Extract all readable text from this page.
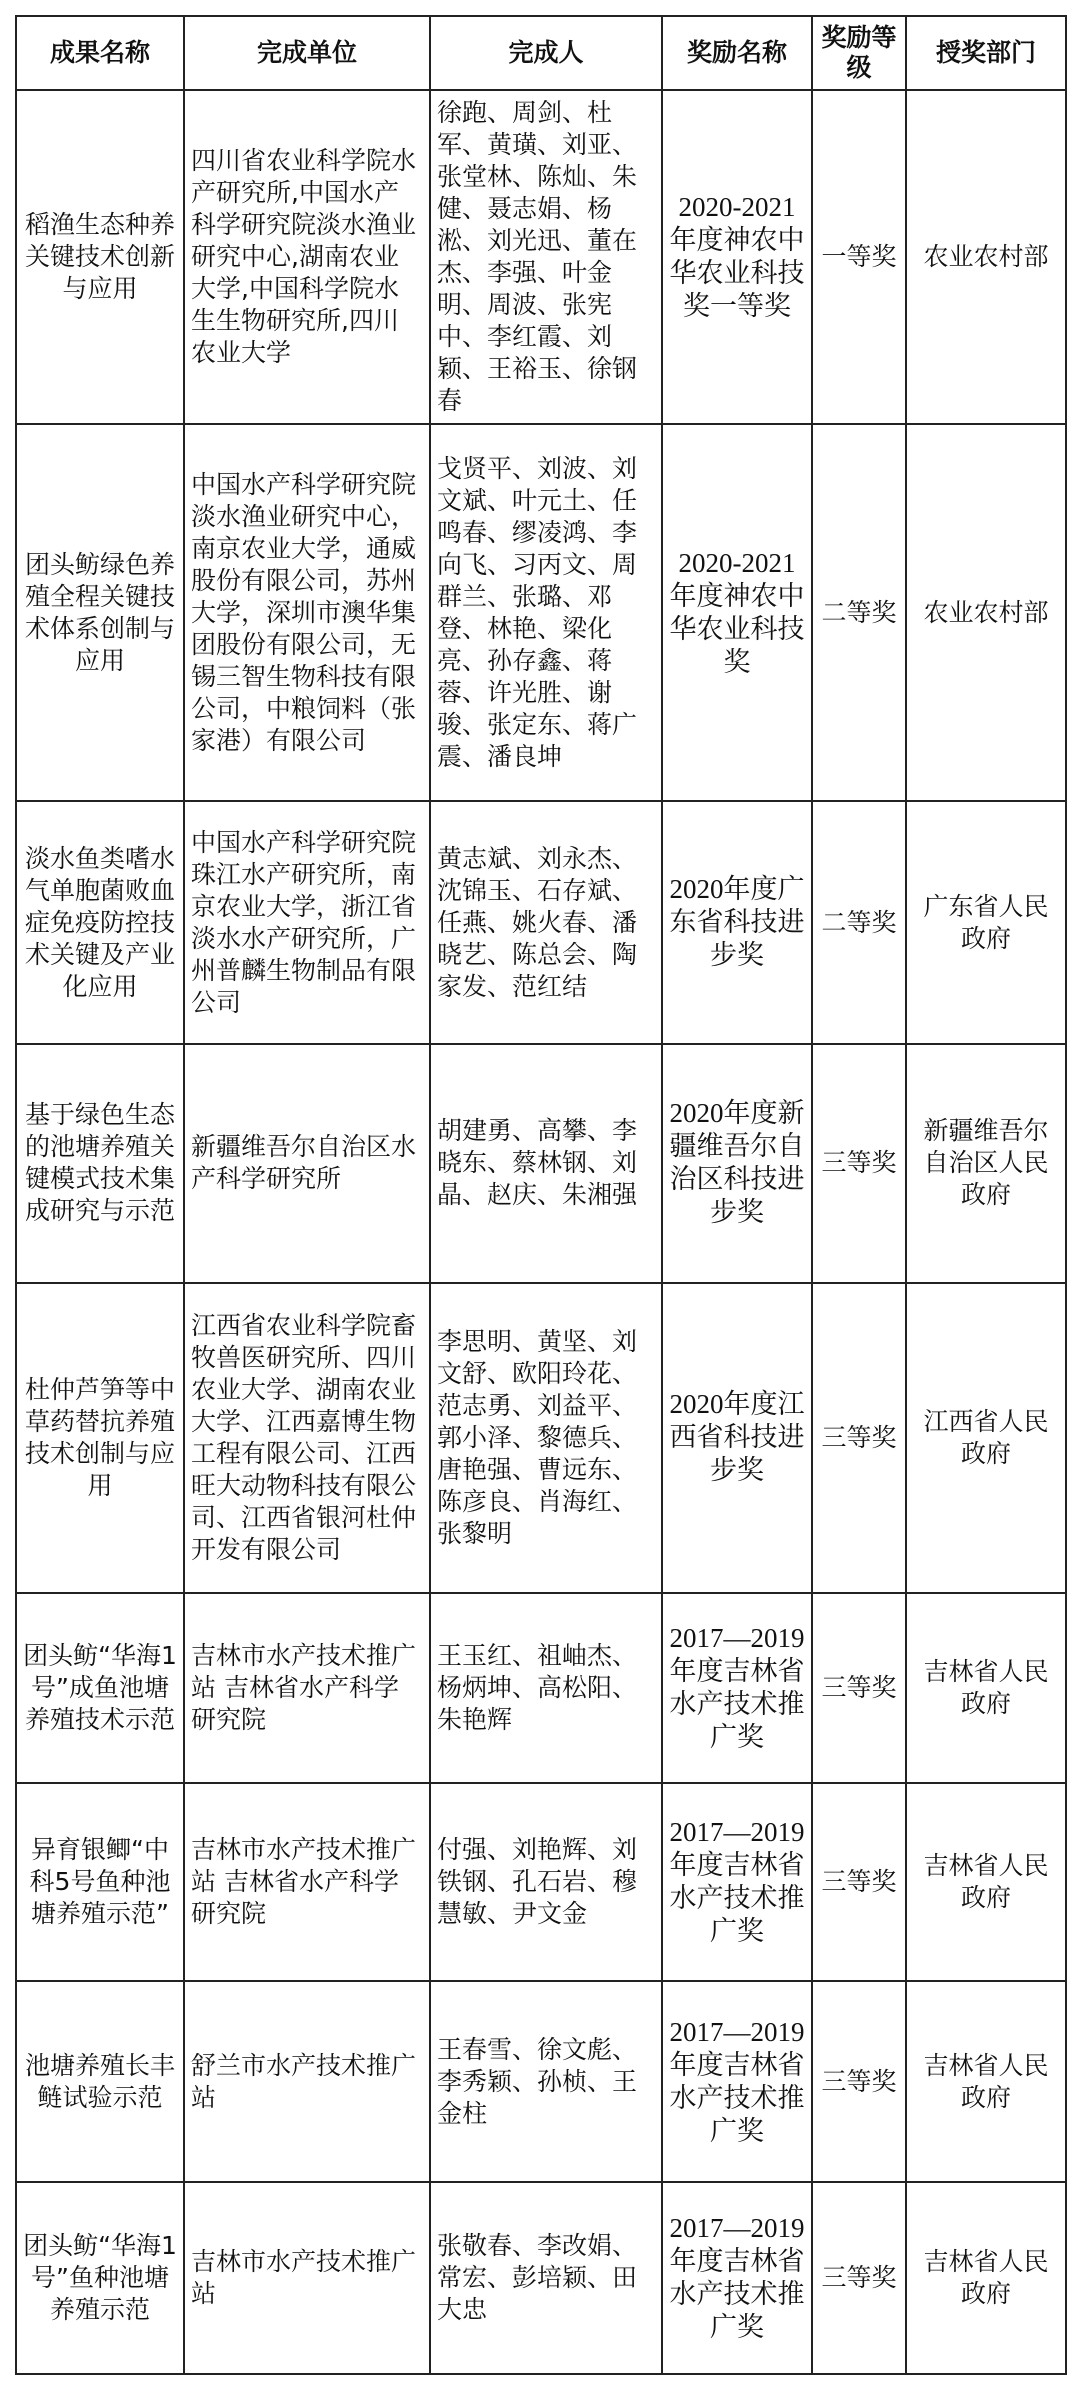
成果名称	完成单位	完成人	奖励名称	奖励等级	授奖部门
稻渔生态种养关键技术创新与应用	四川省农业科学院水产研究所,中国水产科学研究院淡水渔业研究中心,湖南农业大学,中国科学院水生生物研究所,四川农业大学	徐跑、周剑、杜军、黄璜、刘亚、张堂林、陈灿、朱健、聂志娟、杨淞、刘光迅、董在杰、李强、叶金明、周波、张宪中、李红霞、刘颖、王裕玉、徐钢春	2020-2021年度神农中华农业科技奖一等奖	一等奖	农业农村部
团头鲂绿色养殖全程关键技术体系创制与应用	中国水产科学研究院淡水渔业研究中心，南京农业大学，通威股份有限公司，苏州大学，深圳市澳华集团股份有限公司，无锡三智生物科技有限公司，中粮饲料（张家港）有限公司	戈贤平、刘波、刘文斌、叶元土、任鸣春、缪凌鸿、李向飞、习丙文、周群兰、张璐、邓登、林艳、梁化亮、孙存鑫、蒋蓉、许光胜、谢骏、张定东、蒋广震、潘良坤	2020-2021年度神农中华农业科技奖	二等奖	农业农村部
淡水鱼类嗜水气单胞菌败血症免疫防控技术关键及产业化应用	中国水产科学研究院珠江水产研究所，南京农业大学，浙江省淡水水产研究所，广州普麟生物制品有限公司	黄志斌、刘永杰、沈锦玉、石存斌、任燕、姚火春、潘晓艺、陈总会、陶家发、范红结	2020年度广东省科技进步奖	二等奖	广东省人民政府
基于绿色生态的池塘养殖关键模式技术集成研究与示范	新疆维吾尔自治区水产科学研究所	胡建勇、高攀、李晓东、蔡林钢、刘晶、赵庆、朱湘强	2020年度新疆维吾尔自治区科技进步奖	三等奖	新疆维吾尔自治区人民政府
杜仲芦笋等中草药替抗养殖技术创制与应用	江西省农业科学院畜牧兽医研究所、四川农业大学、湖南农业大学、江西嘉博生物工程有限公司、江西旺大动物科技有限公司、江西省银河杜仲开发有限公司	李思明、黄坚、刘文舒、欧阳玲花、范志勇、刘益平、郭小泽、黎德兵、唐艳强、曹远东、陈彦良、肖海红、张黎明	2020年度江西省科技进步奖	三等奖	江西省人民政府
团头鲂“华海1号”成鱼池塘养殖技术示范	吉林市水产技术推广站 吉林省水产科学研究院	王玉红、祖岫杰、杨炳坤、高松阳、朱艳辉	2017—2019年度吉林省水产技术推广奖	三等奖	吉林省人民政府
异育银鲫“中科5号鱼种池塘养殖示范”	吉林市水产技术推广站 吉林省水产科学研究院	付强、刘艳辉、刘铁钢、孔石岩、穆慧敏、尹文金	2017—2019年度吉林省水产技术推广奖	三等奖	吉林省人民政府
池塘养殖长丰鲢试验示范	舒兰市水产技术推广站	王春雪、徐文彪、李秀颖、孙桢、王金柱	2017—2019年度吉林省水产技术推广奖	三等奖	吉林省人民政府
团头鲂“华海1号”鱼种池塘养殖示范	吉林市水产技术推广站	张敬春、李改娟、常宏、彭培颖、田大忠	2017—2019年度吉林省水产技术推广奖	三等奖	吉林省人民政府
